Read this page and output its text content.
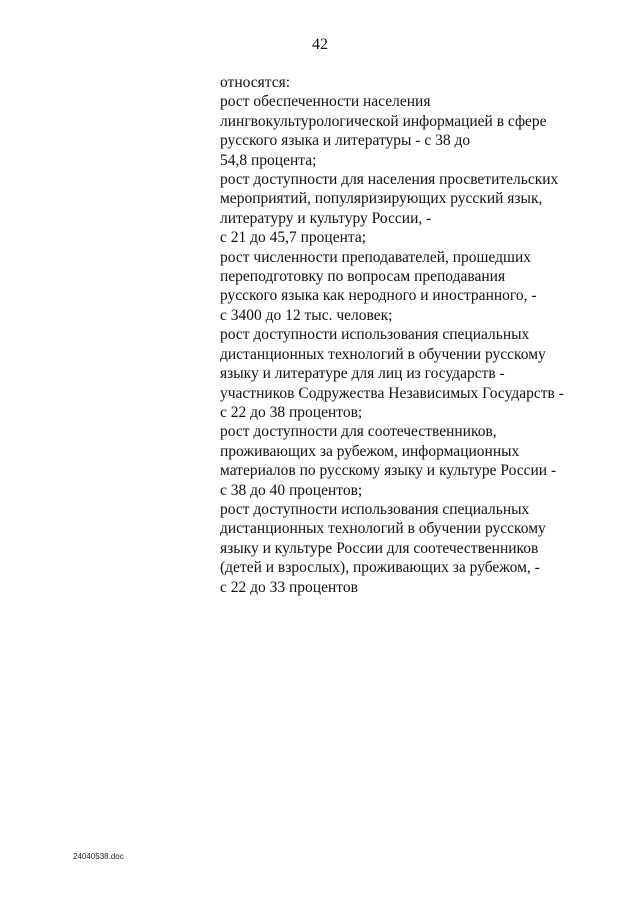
42
относятся:
рост обеспеченности населения
лингвокультурологической информацией в сфере
русского языка и литературы - с 38 до
54,8 процента;
рост доступности для населения просветительских
мероприятий, популяризирующих русский язык,
литературу и культуру России, -
с 21 до 45,7 процента;
рост численности преподавателей, прошедших
переподготовку по вопросам преподавания
русского языка как неродного и иностранного, -
с 3400 до 12 тыс. человек;
рост доступности использования специальных
дистанционных технологий в обучении русскому
языку и литературе для лиц из государств -
участников Содружества Независимых Государств -
с 22 до 38 процентов;
рост доступности для соотечественников,
проживающих за рубежом, информационных
материалов по русскому языку и культуре России -
с 38 до 40 процентов;
рост доступности использования специальных
дистанционных технологий в обучении русскому
языку и культуре России для соотечественников
(детей и взрослых), проживающих за рубежом, -
с 22 до 33 процентов
24040538.doc
